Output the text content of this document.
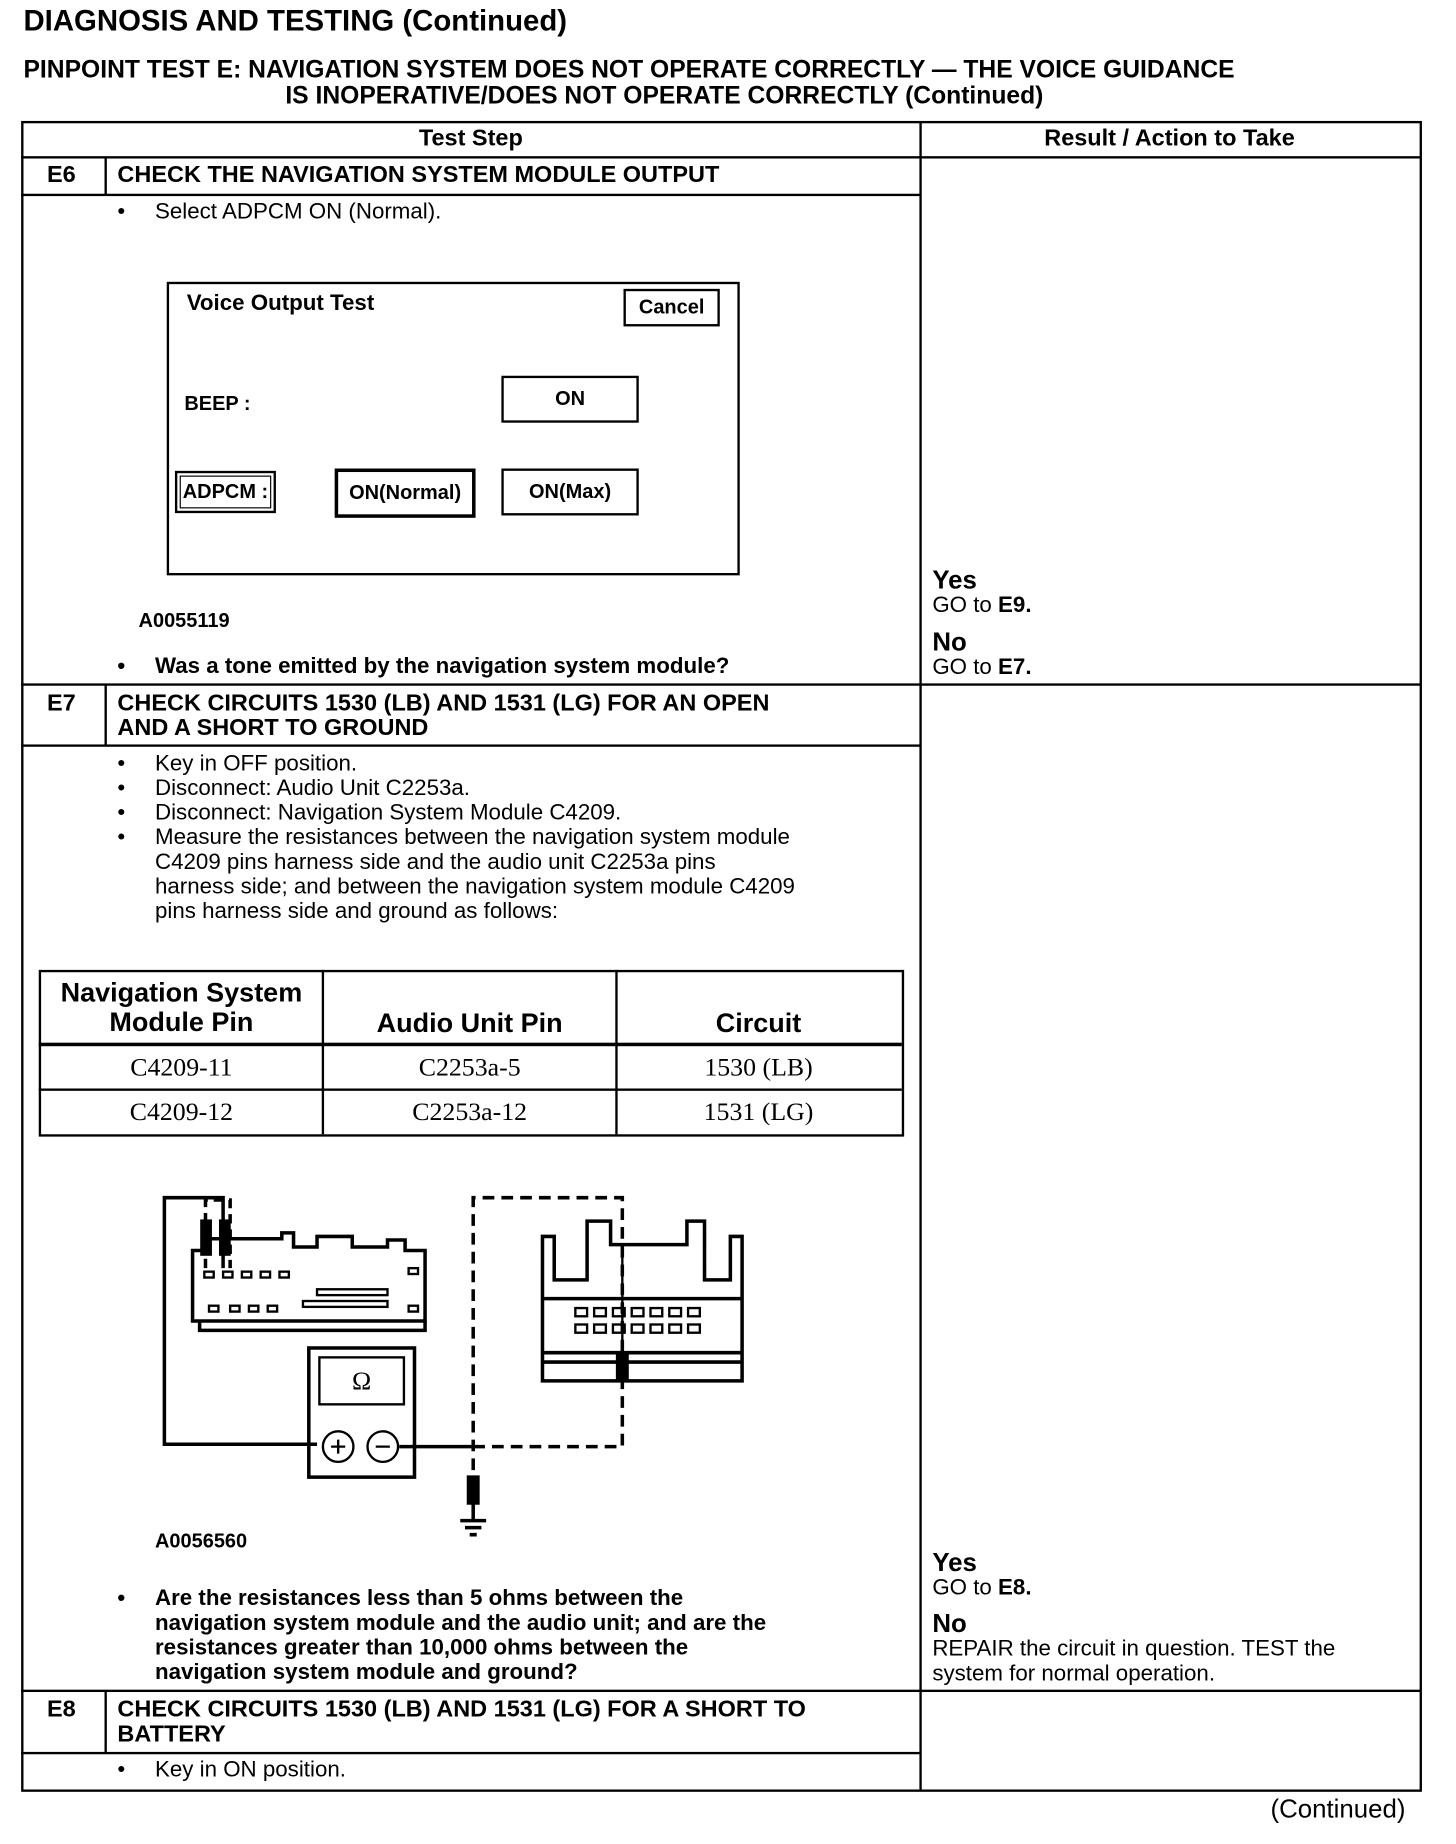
DIAGNOSIS AND TESTING (Continued)
PINPOINT TEST E: NAVIGATION SYSTEM DOES NOT OPERATE CORRECTLY — THE VOICE GUIDANCE
IS INOPERATIVE/DOES NOT OPERATE CORRECTLY (Continued)
Test Step	Result / Action to Take
E6 CHECK THE NAVIGATION SYSTEM MODULE OUTPUT
• Select ADPCM ON (Normal).
Voice Output Test	Cancel
BEEP :	ON
ADPCM :	ON(Normal)	ON(Max)
A0055119
• Was a tone emitted by the navigation system module?
Yes
GO to E9.
No
GO to E7.
E7 CHECK CIRCUITS 1530 (LB) AND 1531 (LG) FOR AN OPEN
AND A SHORT TO GROUND
• Key in OFF position.
• Disconnect: Audio Unit C2253a.
• Disconnect: Navigation System Module C4209.
• Measure the resistances between the navigation system module
C4209 pins harness side and the audio unit C2253a pins
harness side; and between the navigation system module C4209
pins harness side and ground as follows:
Navigation System
Module Pin	Audio Unit Pin	Circuit
C4209-11	C2253a-5	1530 (LB)
C4209-12	C2253a-12	1531 (LG)
Ω
A0056560
• Are the resistances less than 5 ohms between the
navigation system module and the audio unit; and are the
resistances greater than 10,000 ohms between the
navigation system module and ground?
Yes
GO to E8.
No
REPAIR the circuit in question. TEST the
system for normal operation.
E8 CHECK CIRCUITS 1530 (LB) AND 1531 (LG) FOR A SHORT TO
BATTERY
• Key in ON position.
(Continued)
